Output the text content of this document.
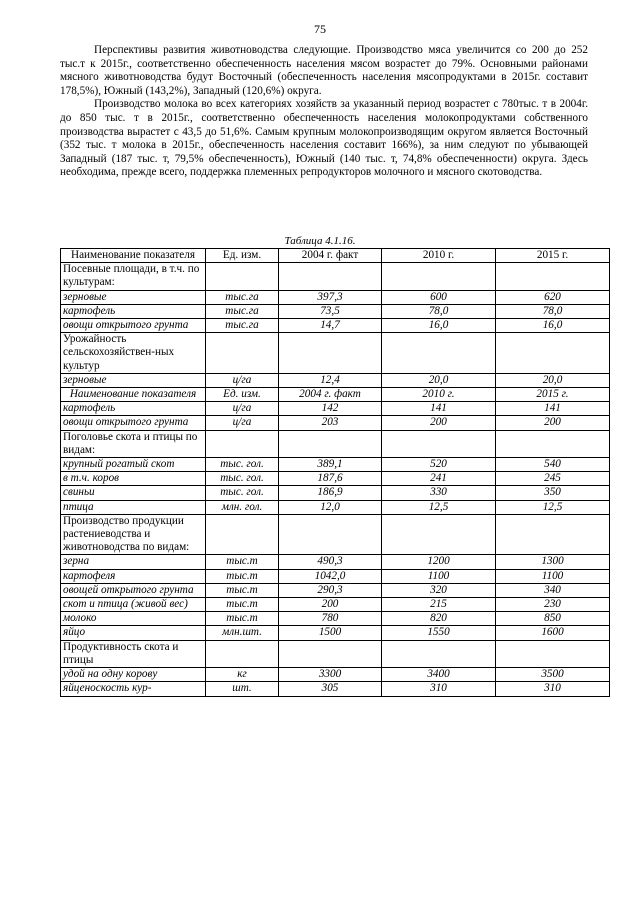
75

Перспективы развития животноводства следующие. Производство мяса увеличится со 200 до 252 тыс.т к 2015г., соответственно обеспеченность населения мясом возрастет до 79%. Основными районами мясного животноводства будут Восточный (обеспеченность населения мясопродуктами в 2015г. составит 178,5%), Южный (143,2%), Западный (120,6%) округа.

Производство молока во всех категориях хозяйств за указанный период возрастет с 780тыс. т в 2004г. до 850 тыс. т в 2015г., соответственно обеспеченность населения молокопродуктами собственного производства вырастет с 43,5 до 51,6%. Самым крупным молокопроизводящим округом является Восточный (352 тыс. т молока в 2015г., обеспеченность населения составит 166%), за ним следуют по убывающей Западный (187 тыс. т, 79,5% обеспеченность), Южный (140 тыс. т, 74,8% обеспеченности) округа. Здесь необходима, прежде всего, поддержка племенных репродукторов молочного и мясного скотоводства.

Таблица 4.1.16.
Наименование показателя	Ед. изм.	2004 г. факт	2010 г.	2015 г.
Посевные площади, в т.ч. по культурам:				
зерновые	тыс.га	397,3	600	620
картофель	тыс.га	73,5	78,0	78,0
овощи открытого грунта	тыс.га	14,7	16,0	16,0
Урожайность сельскохозяйствен-ных культур				
зерновые	ц/га	12,4	20,0	20,0
Наименование показателя	Ед. изм.	2004 г. факт	2010 г.	2015 г.
картофель	ц/га	142	141	141
овощи открытого грунта	ц/га	203	200	200
Поголовье скота и птицы по видам:				
крупный рогатый скот	тыс. гол.	389,1	520	540
в т.ч. коров	тыс. гол.	187,6	241	245
свиньи	тыс. гол.	186,9	330	350
птица	млн. гол.	12,0	12,5	12,5
Производство продукции растениеводства и животноводства по видам:				
зерна	тыс.т	490,3	1200	1300
картофеля	тыс.т	1042,0	1100	1100
овощей открытого грунта	тыс.т	290,3	320	340
скот и птица (живой вес)	тыс.т	200	215	230
молоко	тыс.т	780	820	850
яйцо	млн.шт.	1500	1550	1600
Продуктивность скота и птицы				
удой на одну корову	кг	3300	3400	3500
яйценоскость кур-	шт.	305	310	310
